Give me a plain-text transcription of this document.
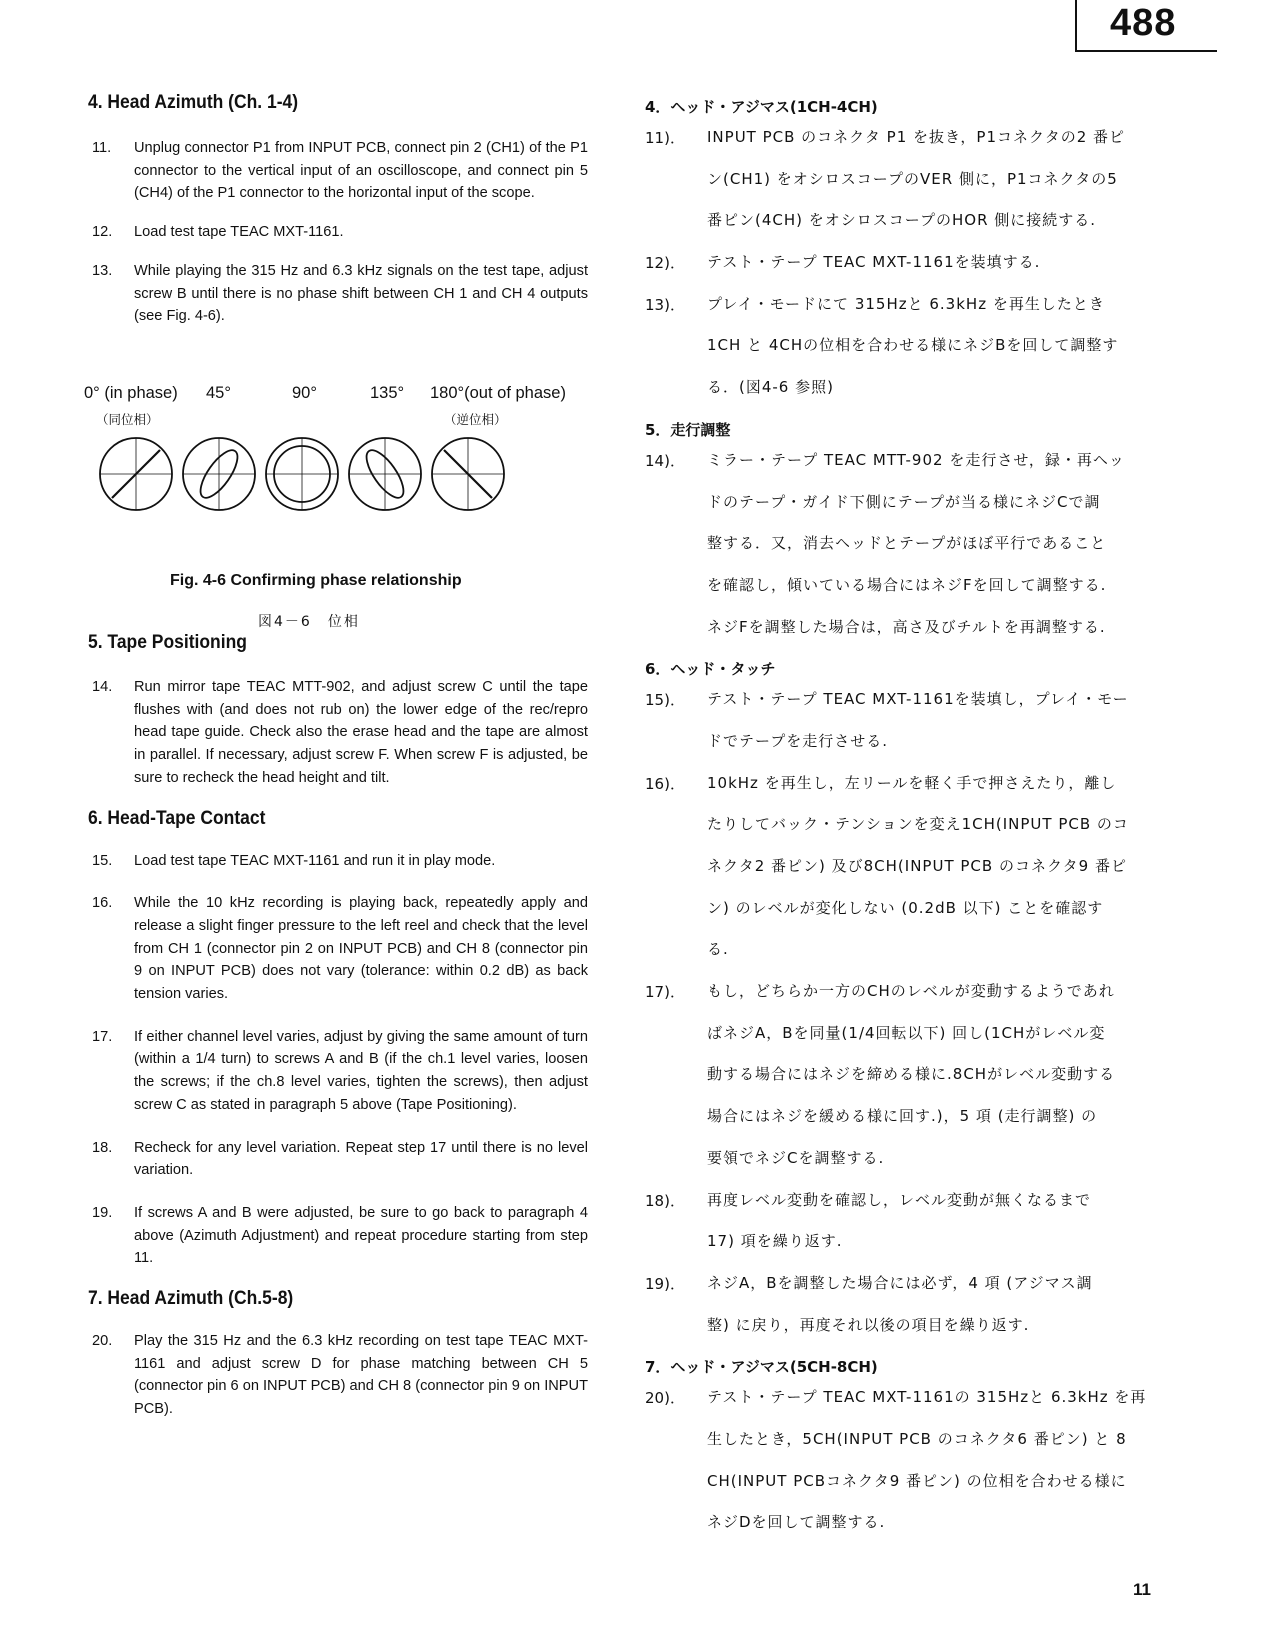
488
4. Head Azimuth (Ch. 1-4)
11.	Unplug connector P1 from INPUT PCB, connect pin 2 (CH1) of the P1 connector to the vertical input of an oscilloscope, and connect pin 5 (CH4) of the P1 connector to the horizontal input of the scope.
12.	Load test tape TEAC MXT-1161.
13.	While playing the 315 Hz and 6.3 kHz signals on the test tape, adjust screw B until there is no phase shift between CH 1 and CH 4 outputs (see Fig. 4-6).
0° (in phase) 45°	90°	135° 180°(out of phase)
（同位相）	（逆位相）
Fig. 4-6 Confirming phase relationship
図4－6　位相
5. Tape Positioning
14.	Run mirror tape TEAC MTT-902, and adjust screw C until the tape flushes with (and does not rub on) the lower edge of the rec/repro head tape guide. Check also the erase head and the tape are almost in parallel. If necessary, adjust screw F. When screw F is adjusted, be sure to recheck the head height and tilt.
6. Head-Tape Contact
15.	Load test tape TEAC MXT-1161 and run it in play mode.
16.	While the 10 kHz recording is playing back, repeatedly apply and release a slight finger pressure to the left reel and check that the level from CH 1 (connector pin 2 on INPUT PCB) and CH 8 (connector pin 9 on INPUT PCB) does not vary (tolerance: within 0.2 dB) as back tension varies.
17.	If either channel level varies, adjust by giving the same amount of turn (within a 1/4 turn) to screws A and B (if the ch.1 level varies, loosen the screws; if the ch.8 level varies, tighten the screws), then adjust screw C as stated in paragraph 5 above (Tape Positioning).
18.	Recheck for any level variation. Repeat step 17 until there is no level variation.
19.	If screws A and B were adjusted, be sure to go back to paragraph 4 above (Azimuth Adjustment) and repeat procedure starting from step 11.
7. Head Azimuth (Ch.5-8)
20.	Play the 315 Hz and the 6.3 kHz recording on test tape TEAC MXT-1161 and adjust screw D for phase matching between CH 5 (connector pin 6 on INPUT PCB) and CH 8 (connector pin 9 on INPUT PCB).
4．ヘッド・アジマス(1CH-4CH)
11)．	INPUT PCB のコネクタ P1 を抜き，P1コネクタの2 番ピ
ン(CH1) をオシロスコープのVER 側に，P1コネクタの5
番ピン(4CH) をオシロスコープのHOR 側に接続する.
12)．	テスト・テープ TEAC MXT-1161を装填する.
13)．	プレイ・モードにて 315Hzと 6.3kHz を再生したとき
1CH と 4CHの位相を合わせる様にネジBを回して調整す
る．(図4-6 参照)
5．走行調整
14)．	ミラー・テープ TEAC MTT-902 を走行させ，録・再ヘッ
ドのテープ・ガイド下側にテープが当る様にネジCで調
整する．又，消去ヘッドとテープがほぼ平行であること
を確認し，傾いている場合にはネジFを回して調整する.
ネジFを調整した場合は，高さ及びチルトを再調整する.
6．ヘッド・タッチ
15)．	テスト・テープ TEAC MXT-1161を装填し，プレイ・モー
ドでテープを走行させる.
16)．	10kHz を再生し，左リールを軽く手で押さえたり，離し
たりしてバック・テンションを変え1CH(INPUT PCB のコ
ネクタ2 番ピン) 及び8CH(INPUT PCB のコネクタ9 番ピ
ン) のレベルが変化しない (0.2dB 以下) ことを確認す
る.
17)．	もし，どちらか一方のCHのレベルが変動するようであれ
ばネジA，Bを同量(1/4回転以下) 回し(1CHがレベル変
動する場合にはネジを締める様に.8CHがレベル変動する
場合にはネジを緩める様に回す.)，5 項 (走行調整) の
要領でネジCを調整する.
18)．	再度レベル変動を確認し，レベル変動が無くなるまで
17) 項を繰り返す.
19)．	ネジA，Bを調整した場合には必ず，4 項 (アジマス調
整) に戻り，再度それ以後の項目を繰り返す.
7．ヘッド・アジマス(5CH-8CH)
20)．	テスト・テープ TEAC MXT-1161の 315Hzと 6.3kHz を再
生したとき，5CH(INPUT PCB のコネクタ6 番ピン) と 8
CH(INPUT PCBコネクタ9 番ピン) の位相を合わせる様に
ネジDを回して調整する.
11
